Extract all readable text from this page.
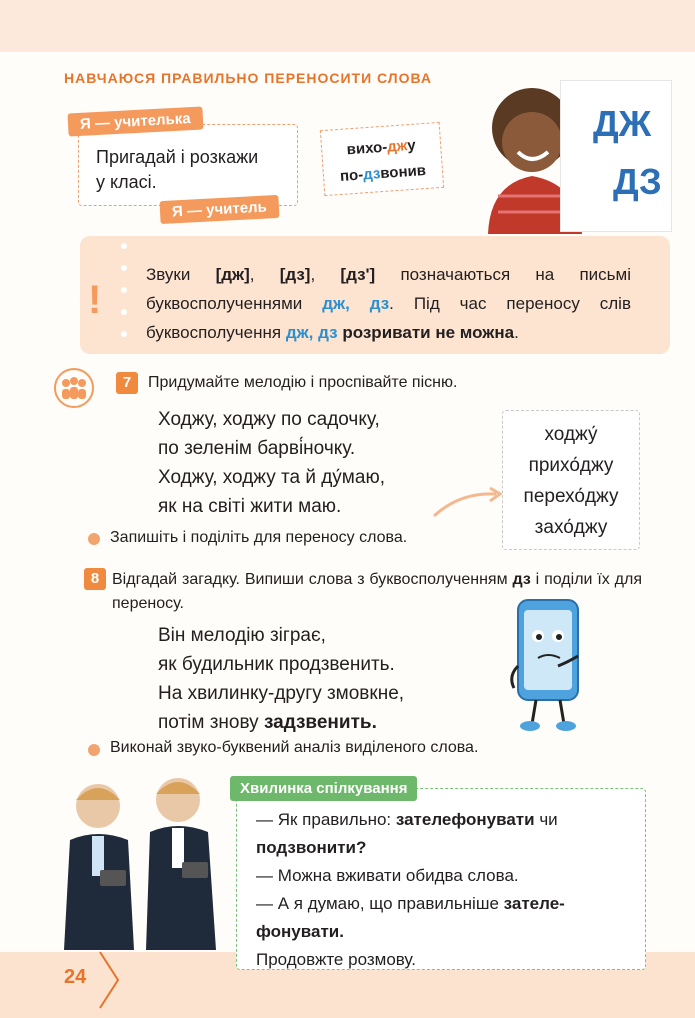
НАВЧАЮСЯ ПРАВИЛЬНО ПЕРЕНОСИТИ СЛОВА
Я — учителька
Пригадай і розкажи
у класі.
Я — учитель
вихо-джу
по-дзвонив
ДЖ
ДЗ
!
Звуки [дж], [дз], [дз'] позначаються на письмі буквосполученнями дж, дз. Під час переносу слів буквосполучення дж, дз розривати не можна.
7	Придумайте мелодію і проспівайте пісню.
Ходжу, ходжу по садочку,
по зеленім барві́ночку.
Ходжу, ходжу та й ду́маю,
як на світі жити маю.
ходжу́
прихо́джу
перехо́джу
захо́джу
Запишіть і поділіть для переносу слова.
8 Відгадай загадку. Випиши слова з буквосполученням дз і поділи їх для переносу.
Він мелодію зіграє,
як будильник продзвенить.
На хвилинку-другу змовкне,
потім знову задзвенить.
Виконай звуко-буквений аналіз виділеного слова.
Хвилинка спілкування
— Як правильно: зателефонувати чи
подзвонити?
— Можна вживати обидва слова.
— А я думаю, що правильніше зателе-
фонувати.
Продовжте розмову.
24
